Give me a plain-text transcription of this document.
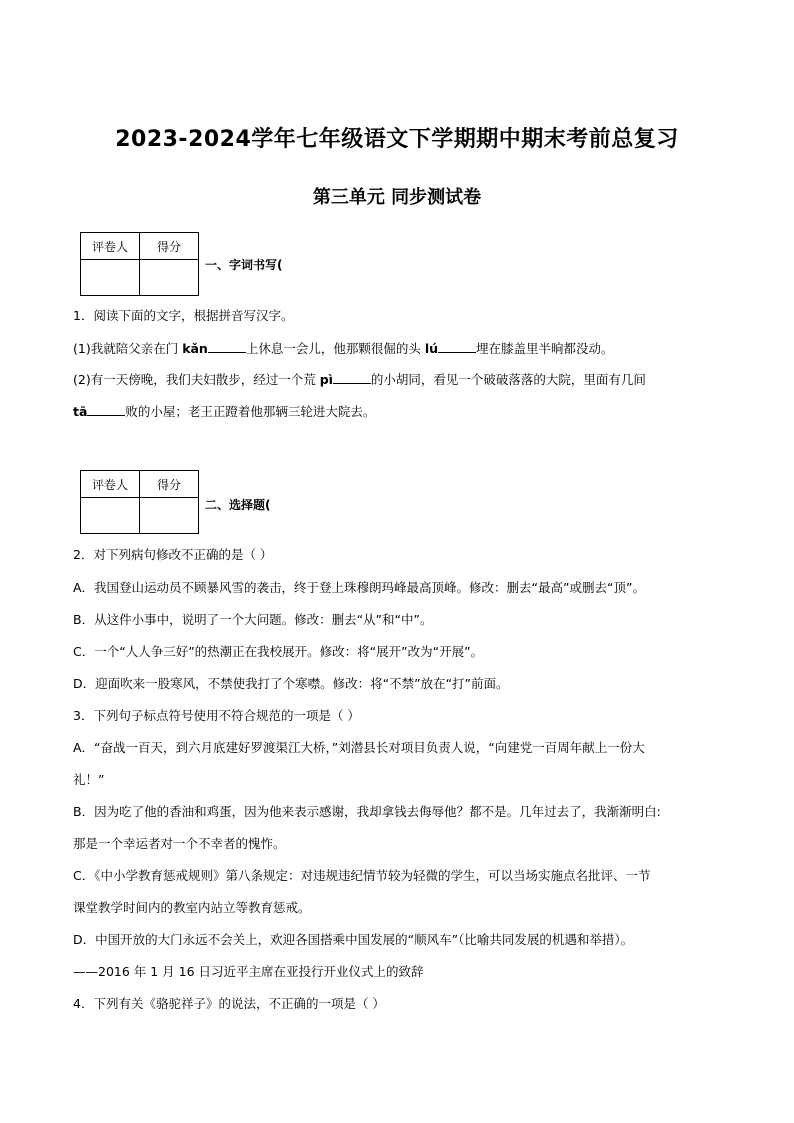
2023-2024学年七年级语文下学期期中期末考前总复习
第三单元 同步测试卷
评卷人	得分

一、字词书写(
1．阅读下面的文字，根据拼音写汉字。
(1)我就陪父亲在门 kǎn	上休息一会儿，他那颗很倔的头 lú	埋在膝盖里半晌都没动。
(2)有一天傍晚，我们夫妇散步，经过一个荒 pì	的小胡同，看见一个破破落落的大院，里面有几间
tā	败的小屋；老王正蹬着他那辆三轮进大院去。
评卷人	得分

二、选择题(
2．对下列病句修改不正确的是（ ）
A．我国登山运动员不顾暴风雪的袭击，终于登上珠穆朗玛峰最高顶峰。修改：删去“最高”或删去“顶”。
B．从这件小事中，说明了一个大问题。修改：删去“从”和“中”。
C．一个“人人争三好”的热潮正在我校展开。修改：将“展开”改为“开展”。
D．迎面吹来一股寒风，不禁使我打了个寒噤。修改：将“不禁”放在“打”前面。
3．下列句子标点符号使用不符合规范的一项是（ ）
A．“奋战一百天，到六月底建好罗渡渠江大桥，”刘潜县长对项目负责人说，“向建党一百周年献上一份大
礼！”
B．因为吃了他的香油和鸡蛋，因为他来表示感谢，我却拿钱去侮辱他？都不是。几年过去了，我渐渐明白:
那是一个幸运者对一个不幸者的愧怍。
C．《中小学教育惩戒规则》第八条规定：对违规违纪情节较为轻微的学生，可以当场实施点名批评、一节
课堂教学时间内的教室内站立等教育惩戒。
D．中国开放的大门永远不会关上，欢迎各国搭乘中国发展的“顺风车”（比喻共同发展的机遇和举措）。
——2016 年 1 月 16 日习近平主席在亚投行开业仪式上的致辞
4．下列有关《骆驼祥子》的说法，不正确的一项是（ ）
